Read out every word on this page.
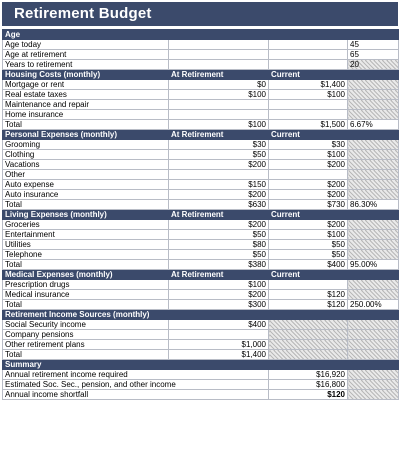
Retirement Budget
Age			
Age today			45
Age at retirement			65
Years to retirement			20
Housing Costs (monthly)	At Retirement	Current	
Mortgage or rent	$0	$1,400	
Real estate taxes	$100	$100	
Maintenance and repair			
Home insurance			
Total	$100	$1,500	6.67%
Personal Expenses (monthly)	At Retirement	Current	
Grooming	$30	$30	
Clothing	$50	$100	
Vacations	$200	$200	
Other			
Auto expense	$150	$200	
Auto insurance	$200	$200	
Total	$630	$730	86.30%
Living Expenses (monthly)	At Retirement	Current	
Groceries	$200	$200	
Entertainment	$50	$100	
Utilities	$80	$50	
Telephone	$50	$50	
Total	$380	$400	95.00%
Medical Expenses (monthly)	At Retirement	Current	
Prescription drugs	$100		
Medical insurance	$200	$120	
Total	$300	$120	250.00%
Retirement Income Sources (monthly)			
Social Security income	$400		
Company pensions			
Other retirement plans	$1,000		
Total	$1,400		
Summary			
Annual retirement income required		$16,920	
Estimated Soc. Sec., pension, and other income		$16,800	
Annual income shortfall		$120	
